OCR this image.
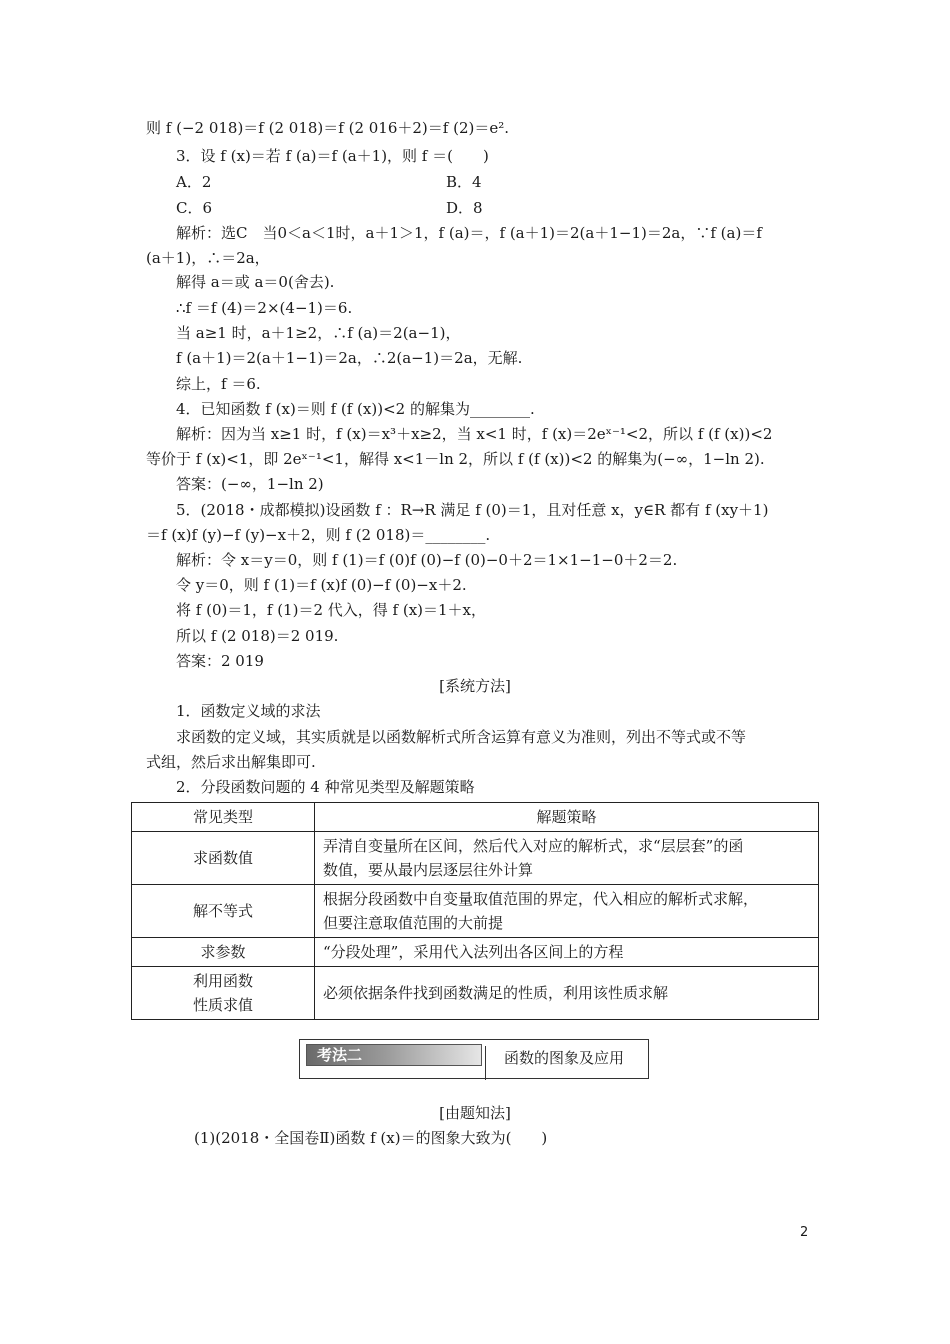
则 f (−2 018)＝f (2 018)＝f (2 016＋2)＝f (2)＝e².
3．设 f (x)＝若 f (a)＝f (a＋1)，则 f ＝(　　)
A．2	B．4
C．6	D．8
解析：选C　当0＜a＜1时，a＋1＞1，f (a)＝，f (a＋1)＝2(a＋1−1)＝2a，∵f (a)＝f
(a＋1)，∴＝2a，
解得 a＝或 a＝0(舍去).
∴f ＝f (4)＝2×(4−1)＝6.
当 a≥1 时，a＋1≥2，∴f (a)＝2(a−1)，
f (a＋1)＝2(a＋1−1)＝2a，∴2(a−1)＝2a，无解.
综上，f ＝6.
4．已知函数 f (x)＝则 f (f (x))<2 的解集为________.
解析：因为当 x≥1 时，f (x)＝x³＋x≥2，当 x<1 时，f (x)＝2eˣ⁻¹<2，所以 f (f (x))<2
等价于 f (x)<1，即 2eˣ⁻¹<1，解得 x<1－ln 2，所以 f (f (x))<2 的解集为(−∞，1−ln 2).
答案：(−∞，1−ln 2)
5．(2018・成都模拟)设函数 f ：R→R 满足 f (0)＝1，且对任意 x，y∈R 都有 f (xy＋1)
＝f (x)f (y)−f (y)−x＋2，则 f (2 018)＝________.
解析：令 x＝y＝0，则 f (1)＝f (0)f (0)−f (0)−0＋2＝1×1−1−0＋2＝2.
令 y＝0，则 f (1)＝f (x)f (0)−f (0)−x＋2.
将 f (0)＝1，f (1)＝2 代入，得 f (x)＝1＋x，
所以 f (2 018)＝2 019.
答案：2 019
[系统方法]
1．函数定义域的求法
求函数的定义域，其实质就是以函数解析式所含运算有意义为准则，列出不等式或不等
式组，然后求出解集即可.
2．分段函数问题的 4 种常见类型及解题策略
常见类型	解题策略
求函数值	弄清自变量所在区间，然后代入对应的解析式，求“层层套”的函
数值，要从最内层逐层往外计算
解不等式	根据分段函数中自变量取值范围的界定，代入相应的解析式求解，
但要注意取值范围的大前提
求参数	“分段处理”，采用代入法列出各区间上的方程
利用函数
性质求值	必须依据条件找到函数满足的性质，利用该性质求解
考法二	函数的图象及应用
[由题知法]
(1)(2018・全国卷Ⅱ)函数 f (x)＝的图象大致为(　　)
2
